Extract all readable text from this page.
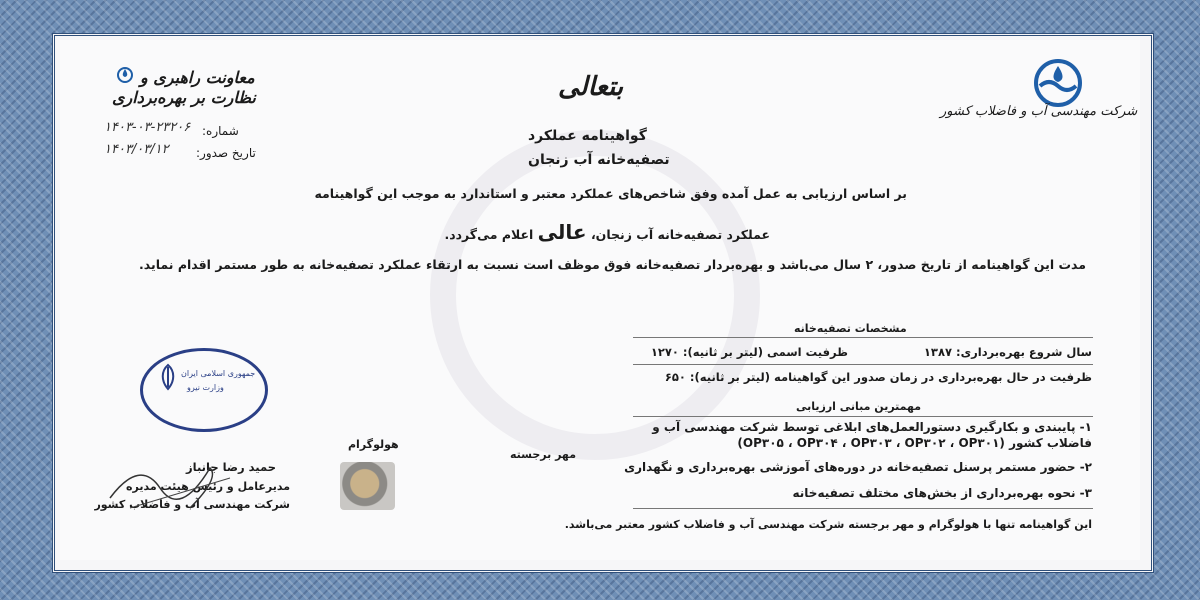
شرکت مهندسی آب و فاضلاب کشور
معاونت راهبری و
نظارت بر بهره‌برداری	بتعالی
شماره:
۱۴۰۳-۰۳-۲۳۲۰۶
تاریخ صدور:
۱۴۰۳/۰۳/۱۲
گواهینامه عملکرد
تصفیه‌خانه آب زنجان
بر اساس ارزیابی به عمل آمده وفق شاخص‌های عملکرد معتبر و استاندارد به موجب این گواهینامه
عملکرد تصفیه‌خانه آب زنجان، عالی اعلام می‌گردد.
مدت این گواهینامه از تاریخ صدور، ۲ سال می‌باشد و بهره‌بردار تصفیه‌خانه فوق موظف است نسبت به ارتقاء عملکرد تصفیه‌خانه به طور مستمر اقدام نماید.
مشخصات تصفیه‌خانه
سال شروع بهره‌برداری: ۱۳۸۷
ظرفیت اسمی (لیتر بر ثانیه): ۱۲۷۰
ظرفیت در حال بهره‌برداری در زمان صدور این گواهینامه (لیتر بر ثانیه): ۶۵۰
مهمترین مبانی ارزیابی
۱- پایبندی و بکارگیری دستورالعمل‌های ابلاغی توسط شرکت مهندسی آب و
فاضلاب کشور (OP۳۰۵ ، OP۳۰۴ ، OP۳۰۳ ، OP۳۰۲ ، OP۳۰۱)
۲- حضور مستمر پرسنل تصفیه‌خانه در دوره‌های آموزشی بهره‌برداری و نگهداری
۳- نحوه بهره‌برداری از بخش‌های مختلف تصفیه‌خانه
این گواهینامه تنها با هولوگرام و مهر برجسته شرکت مهندسی آب و فاضلاب کشور معتبر می‌باشد.
هولوگرام
مهر برجسته
حمید رضا جانباز
مدیرعامل و رئیس هیئت مدیره
شرکت مهندسی آب و فاضلاب کشور
جمهوری اسلامی ایران
وزارت نیرو
